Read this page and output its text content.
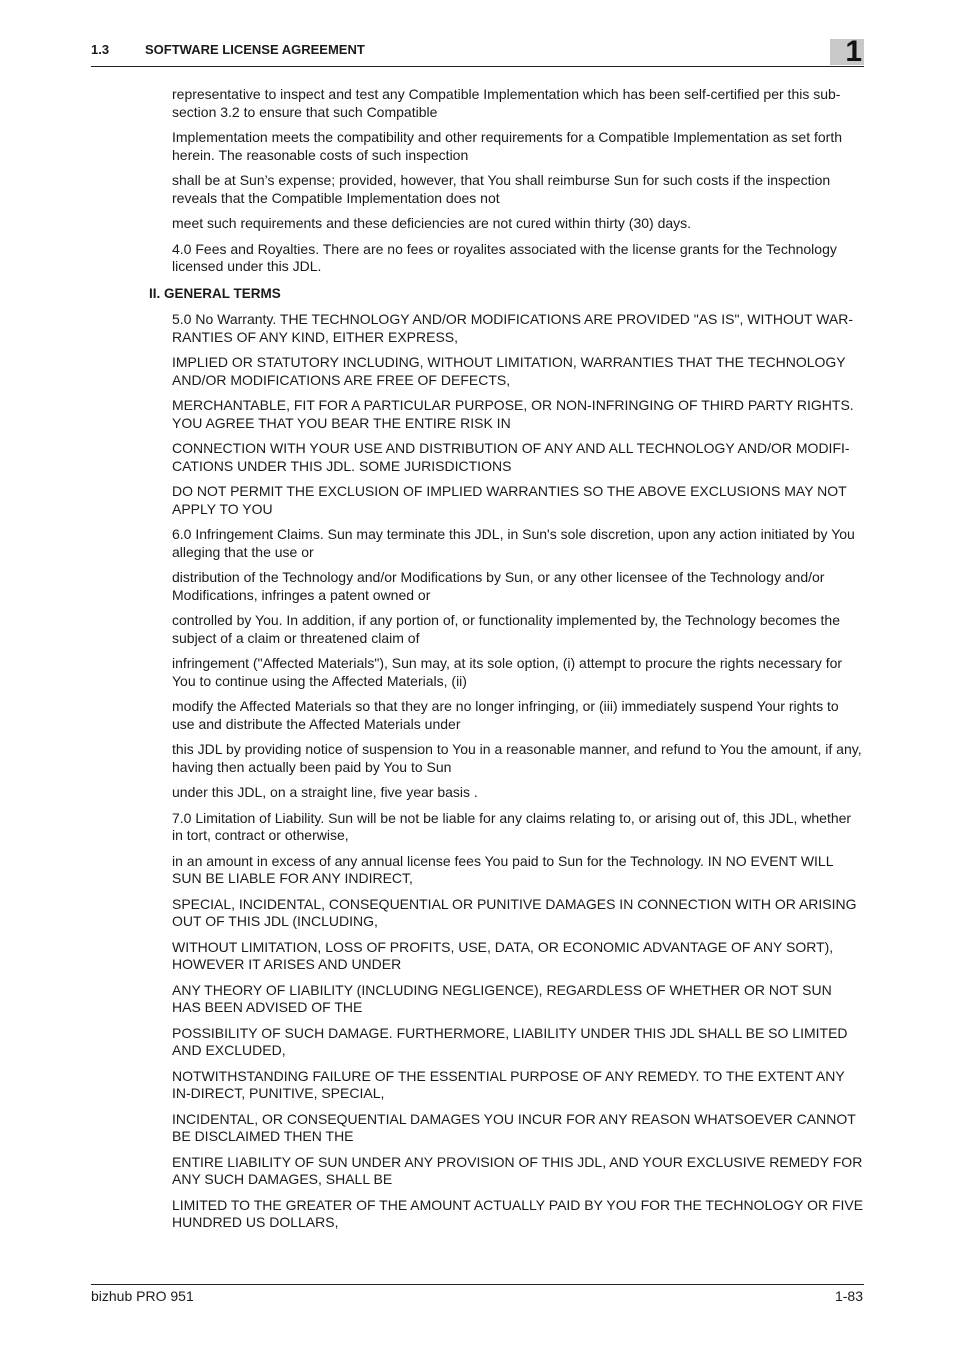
1.3	SOFTWARE LICENSE AGREEMENT	1

representative to inspect and test any Compatible Implementation which has been self-certified per this sub-section 3.2 to ensure that such Compatible

Implementation meets the compatibility and other requirements for a Compatible Implementation as set forth herein. The reasonable costs of such inspection

shall be at Sun’s expense; provided, however, that You shall reimburse Sun for such costs if the inspection reveals that the Compatible Implementation does not

meet such requirements and these deficiencies are not cured within thirty (30) days.

4.0 Fees and Royalties. There are no fees or royalites associated with the license grants for the Technology licensed under this JDL.

II. GENERAL TERMS

5.0 No Warranty. THE TECHNOLOGY AND/OR MODIFICATIONS ARE PROVIDED "AS IS", WITHOUT WAR-RANTIES OF ANY KIND, EITHER EXPRESS,

IMPLIED OR STATUTORY INCLUDING, WITHOUT LIMITATION, WARRANTIES THAT THE TECHNOLOGY AND/OR MODIFICATIONS ARE FREE OF DEFECTS,

MERCHANTABLE, FIT FOR A PARTICULAR PURPOSE, OR NON-INFRINGING OF THIRD PARTY RIGHTS. YOU AGREE THAT YOU BEAR THE ENTIRE RISK IN

CONNECTION WITH YOUR USE AND DISTRIBUTION OF ANY AND ALL TECHNOLOGY AND/OR MODIFI-CATIONS UNDER THIS JDL. SOME JURISDICTIONS

DO NOT PERMIT THE EXCLUSION OF IMPLIED WARRANTIES SO THE ABOVE EXCLUSIONS MAY NOT APPLY TO YOU

6.0 Infringement Claims. Sun may terminate this JDL, in Sun's sole discretion, upon any action initiated by You alleging that the use or

distribution of the Technology and/or Modifications by Sun, or any other licensee of the Technology and/or Modifications, infringes a patent owned or

controlled by You. In addition, if any portion of, or functionality implemented by, the Technology becomes the subject of a claim or threatened claim of

infringement ("Affected Materials"), Sun may, at its sole option, (i) attempt to procure the rights necessary for You to continue using the Affected Materials, (ii)

modify the Affected Materials so that they are no longer infringing, or (iii) immediately suspend Your rights to use and distribute the Affected Materials under

this JDL by providing notice of suspension to You in a reasonable manner, and refund to You the amount, if any, having then actually been paid by You to Sun

under this JDL, on a straight line, five year basis .

7.0 Limitation of Liability. Sun will be not be liable for any claims relating to, or arising out of, this JDL, whether in tort, contract or otherwise,

in an amount in excess of any annual license fees You paid to Sun for the Technology. IN NO EVENT WILL SUN BE LIABLE FOR ANY INDIRECT,

SPECIAL, INCIDENTAL, CONSEQUENTIAL OR PUNITIVE DAMAGES IN CONNECTION WITH OR ARISING OUT OF THIS JDL (INCLUDING,

WITHOUT LIMITATION, LOSS OF PROFITS, USE, DATA, OR ECONOMIC ADVANTAGE OF ANY SORT), HOWEVER IT ARISES AND UNDER

ANY THEORY OF LIABILITY (INCLUDING NEGLIGENCE), REGARDLESS OF WHETHER OR NOT SUN HAS BEEN ADVISED OF THE

POSSIBILITY OF SUCH DAMAGE. FURTHERMORE, LIABILITY UNDER THIS JDL SHALL BE SO LIMITED AND EXCLUDED,

NOTWITHSTANDING FAILURE OF THE ESSENTIAL PURPOSE OF ANY REMEDY. TO THE EXTENT ANY IN-DIRECT, PUNITIVE, SPECIAL,

INCIDENTAL, OR CONSEQUENTIAL DAMAGES YOU INCUR FOR ANY REASON WHATSOEVER CANNOT BE DISCLAIMED THEN THE

ENTIRE LIABILITY OF SUN UNDER ANY PROVISION OF THIS JDL, AND YOUR EXCLUSIVE REMEDY FOR ANY SUCH DAMAGES, SHALL BE

LIMITED TO THE GREATER OF THE AMOUNT ACTUALLY PAID BY YOU FOR THE TECHNOLOGY OR FIVE HUNDRED US DOLLARS,

bizhub PRO 951	1-83
